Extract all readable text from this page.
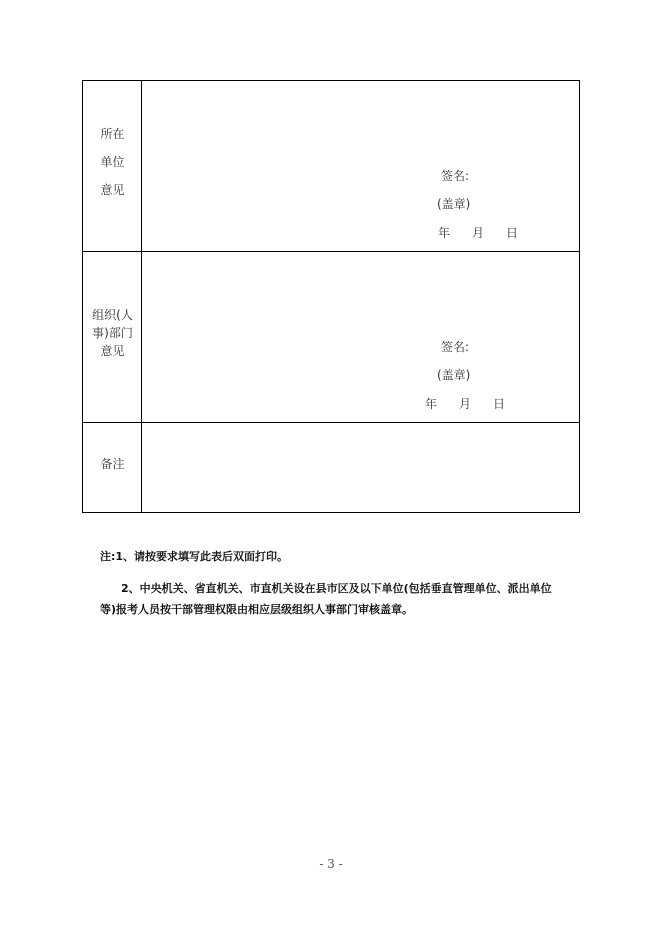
所在
单位
意见
签名:
(盖章)
年 月 日
组织(人
事)部门
意见	签名:
(盖章)
年 月 日
备注
注:1、请按要求填写此表后双面打印。
2、中央机关、省直机关、市直机关设在县市区及以下单位(包括垂直管理单位、派出单位
等)报考人员按干部管理权限由相应层级组织人事部门审核盖章。
- 3 -
